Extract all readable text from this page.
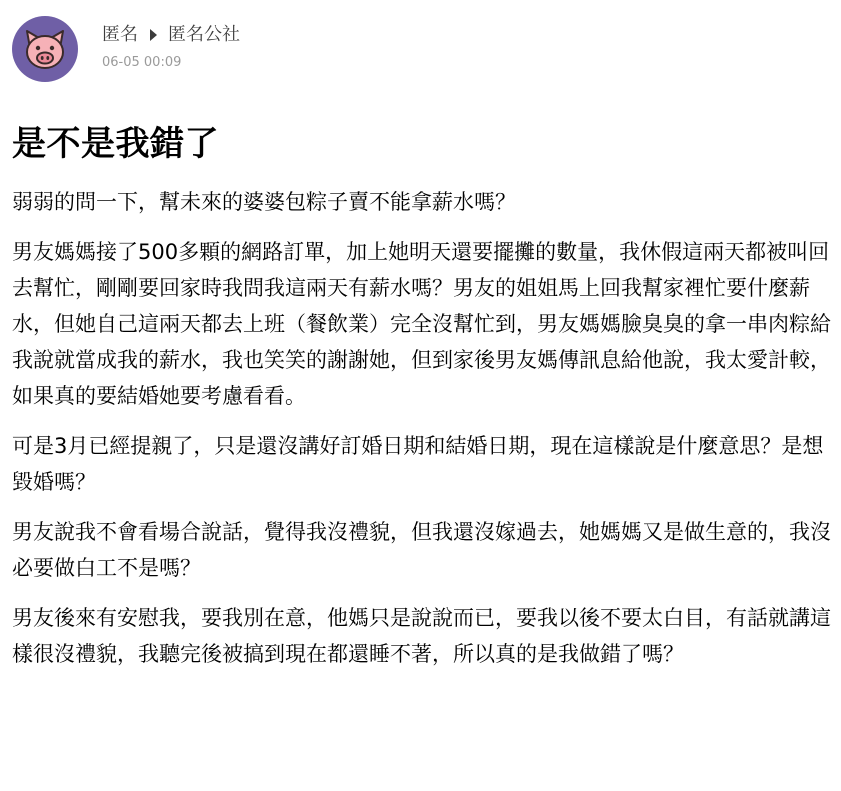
匿名 匿名公社
06-05 00:09
是不是我錯了

弱弱的問一下，幫未來的婆婆包粽子賣不能拿薪水嗎？

男友媽媽接了500多顆的網路訂單，加上她明天還要擺攤的數量，我休假這兩天都被叫回去幫忙，剛剛要回家時我問我這兩天有薪水嗎？男友的姐姐馬上回我幫家裡忙要什麼薪水，但她自己這兩天都去上班（餐飲業）完全沒幫忙到，男友媽媽臉臭臭的拿一串肉粽給我說就當成我的薪水，我也笑笑的謝謝她，但到家後男友媽傳訊息給他說，我太愛計較，如果真的要結婚她要考慮看看。

可是3月已經提親了，只是還沒講好訂婚日期和結婚日期，現在這樣說是什麼意思？是想毀婚嗎？

男友說我不會看場合說話，覺得我沒禮貌，但我還沒嫁過去，她媽媽又是做生意的，我沒必要做白工不是嗎？

男友後來有安慰我，要我別在意，他媽只是說說而已，要我以後不要太白目，有話就講這樣很沒禮貌，我聽完後被搞到現在都還睡不著，所以真的是我做錯了嗎？
